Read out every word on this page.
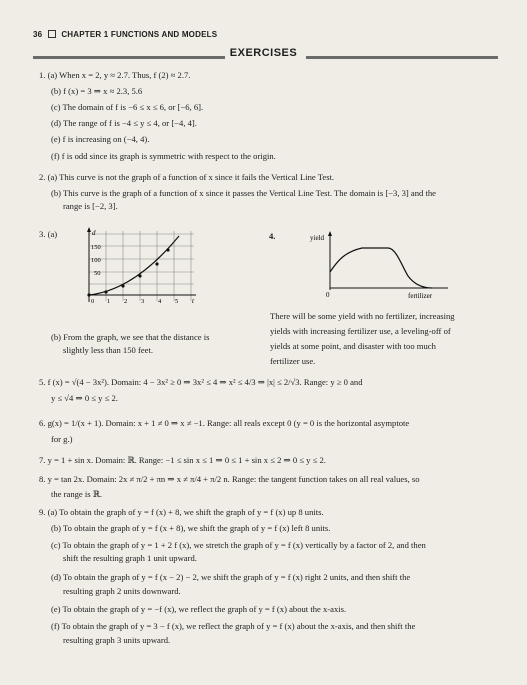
36 CHAPTER 1 FUNCTIONS AND MODELS
EXERCISES
1. (a) When x = 2, y ≈ 2.7. Thus, f (2) ≈ 2.7.
(b) f (x) = 3 ⇒ x ≈ 2.3, 5.6
(c) The domain of f is −6 ≤ x ≤ 6, or [−6, 6].
(d) The range of f is −4 ≤ y ≤ 4, or [−4, 4].
(e) f is increasing on (−4, 4).
(f) f is odd since its graph is symmetric with respect to the origin.
2. (a) This curve is not the graph of a function of x since it fails the Vertical Line Test.
(b) This curve is the graph of a function of x since it passes the Vertical Line Test. The domain is [−3, 3] and the
range is [−2, 3].
3. (a)	d
150
100
50
0 1 2 3 4 5 t
(b) From the graph, we see that the distance is
slightly less than 150 feet.
4.	yield
0	fertilizer
There will be some yield with no fertilizer, increasing
yields with increasing fertilizer use, a leveling-off of
yields at some point, and disaster with too much
fertilizer use.
5. f (x) = √(4 − 3x²). Domain: 4 − 3x² ≥ 0 ⇒ 3x² ≤ 4 ⇒ x² ≤ 4/3 ⇒ |x| ≤ 2/√3. Range: y ≥ 0 and
y ≤ √4 ⇒ 0 ≤ y ≤ 2.
6. g(x) = 1/(x + 1). Domain: x + 1 ≠ 0 ⇒ x ≠ −1. Range: all reals except 0 (y = 0 is the horizontal asymptote
for g.)
7. y = 1 + sin x. Domain: ℝ. Range: −1 ≤ sin x ≤ 1 ⇒ 0 ≤ 1 + sin x ≤ 2 ⇒ 0 ≤ y ≤ 2.
8. y = tan 2x. Domain: 2x ≠ π/2 + πn ⇒ x ≠ π/4 + π/2 n. Range: the tangent function takes on all real values, so
the range is ℝ.
9. (a) To obtain the graph of y = f (x) + 8, we shift the graph of y = f (x) up 8 units.
(b) To obtain the graph of y = f (x + 8), we shift the graph of y = f (x) left 8 units.
(c) To obtain the graph of y = 1 + 2 f (x), we stretch the graph of y = f (x) vertically by a factor of 2, and then
shift the resulting graph 1 unit upward.
(d) To obtain the graph of y = f (x − 2) − 2, we shift the graph of y = f (x) right 2 units, and then shift the
resulting graph 2 units downward.
(e) To obtain the graph of y = −f (x), we reflect the graph of y = f (x) about the x-axis.
(f) To obtain the graph of y = 3 − f (x), we reflect the graph of y = f (x) about the x-axis, and then shift the
resulting graph 3 units upward.
